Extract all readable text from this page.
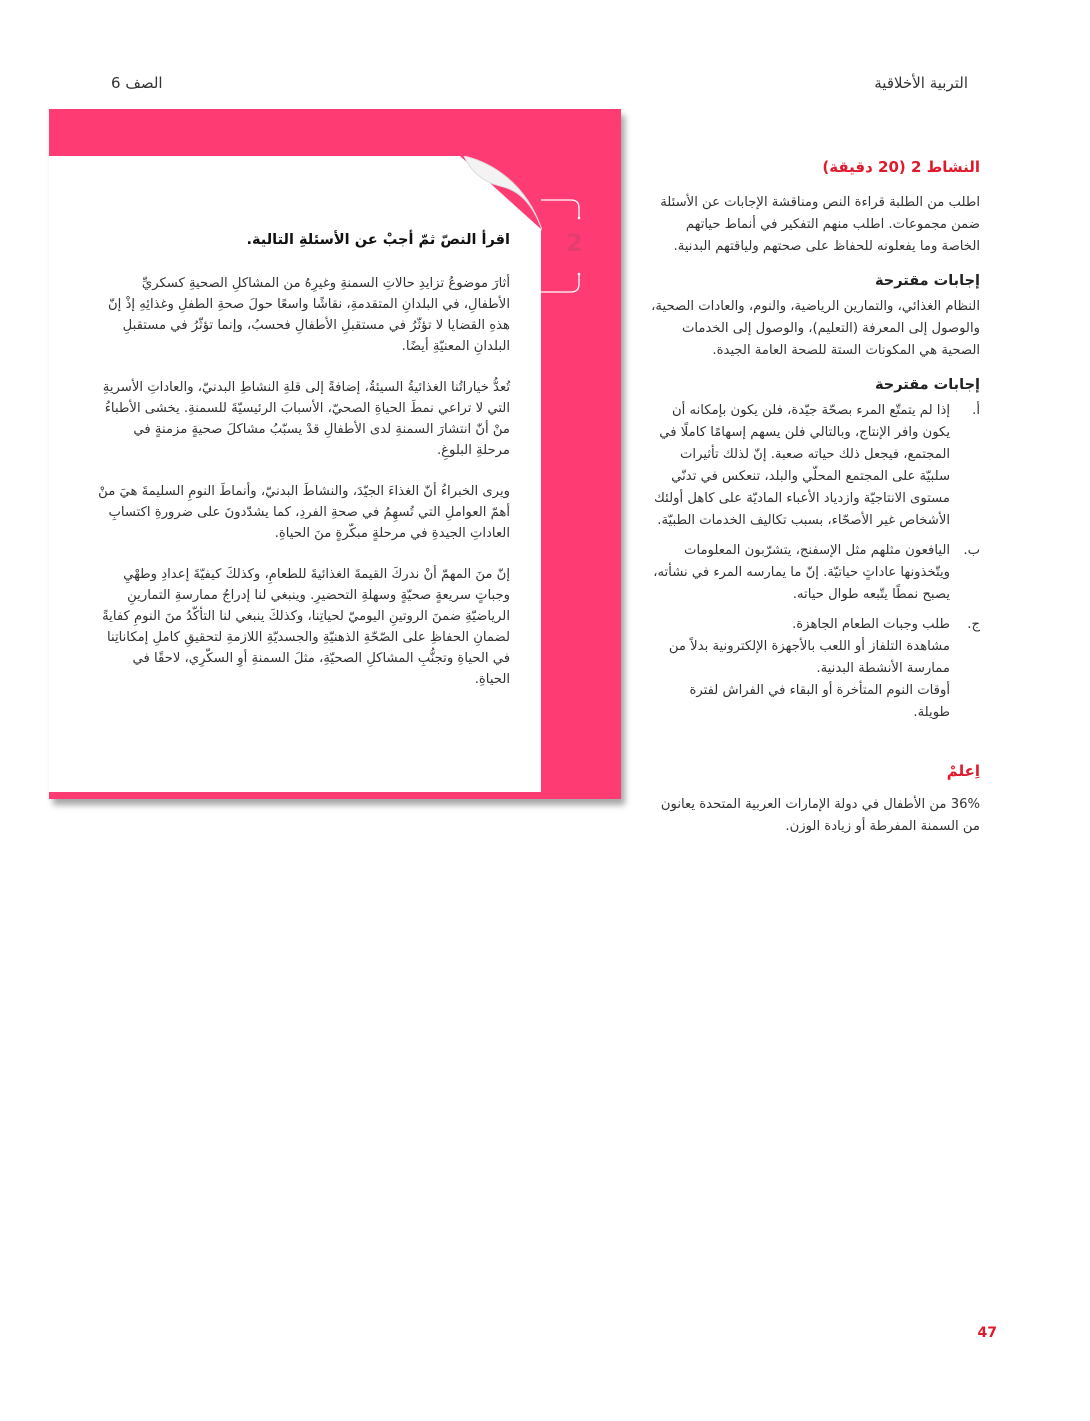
الصف 6	التربية الأخلاقية
2
اقرأ النصّ ثمّ أجبْ عن الأسئلةِ التالية.

أثارَ موضوعُ تزايدِ حالاتِ السمنةِ وغيرِهُ من المشاكلِ الصحيةِ كسكريِّ الأطفالِ، في البلدانِ المتقدمةِ، نقاشًا واسعًا حولَ صحةِ الطفلِ وغذائِهِ إذْ إنّ هذهِ القضايا لا تؤثّرُ في مستقبلِ الأطفالِ فحسبُ، وإنما تؤثّرُ في مستقبلِ البلدانِ المعنيّةِ أيضًا.

تُعدُّ خياراتُنا الغذائيةُ السيئةُ، إضافةً إلى قلةِ النشاطِ البدنيّ، والعاداتِ الأسريةِ التي لا تراعي نمطَ الحياةِ الصحيّ، الأسبابَ الرئيسيّةَ للسمنةِ. يخشى الأطباءُ منْ أنّ انتشارَ السمنةِ لدى الأطفالِ قدْ يسبّبُ مشاكلَ صحيةٍ مزمنةٍ في مرحلةِ البلوغِ.

ويرى الخبراءُ أنّ الغذاءَ الجيّدَ، والنشاطَ البدنيّ، وأنماطَ النومِ السليمةَ هيَ منْ أهمّ العواملِ التي تُسهِمُ في صحةِ الفردِ، كما يشدّدونَ على ضرورةِ اكتسابِ العاداتِ الجيدةِ في مرحلةٍ مبكّرةٍ منَ الحياةِ.

إنّ منَ المهمّ أنْ ندركَ القيمةَ الغذائيةَ للطعامِ، وكذلكَ كيفيّةَ إعدادِ وطهْيِ وجباتٍ سريعةٍ صحيّةٍ وسهلةِ التحضيرِ. وينبغي لنا إدراجُ ممارسةِ التمارينِ الرياضيّةِ ضمنَ الروتينِ اليوميّ لحياتِنا، وكذلكَ ينبغي لنا التأكّدُ منَ النومِ كفايةً لضمانِ الحفاظِ على الصّحّةِ الذهنيّةِ والجسديّةِ اللازمةِ لتحقيقِ كاملِ إمكاناتِنا في الحياةِ وتجنُّبِ المشاكلِ الصحيّةِ، مثلَ السمنةِ أوِ السكّرِي، لاحقًا في الحياةِ.

النشاط 2 (20 دقيقة)
اطلب من الطلبة قراءة النص ومناقشة الإجابات عن الأسئلة ضمن مجموعات. اطلب منهم التفكير في أنماط حياتهم الخاصة وما يفعلونه للحفاظ على صحتهم ولياقتهم البدنية.
إجابات مقترحة
النظام الغذائي، والتمارين الرياضية، والنوم، والعادات الصحية، والوصول إلى المعرفة (التعليم)، والوصول إلى الخدمات الصحية هي المكونات الستة للصحة العامة الجيدة.
إجابات مقترحة
أ.
إذا لم يتمتّع المرء بصحّة جيّدة، فلن يكون بإمكانه أن يكون وافر الإنتاج، وبالتالي فلن يسهم إسهامًا كاملًا في المجتمع، فيجعل ذلك حياته صعبة. إنّ لذلك تأثيرات سلبيّة على المجتمع المحلّي والبلد، تنعكس في تدنّي مستوى الانتاجيّة وازدياد الأعباء الماديّة على كاهل أولئك الأشخاص غير الأصحّاء، بسبب تكاليف الخدمات الطبيّة.
ب.
اليافعون مثلهم مثل الإسفنج، يتشرّبون المعلومات ويتّخذونها عاداتٍ حياتيّة. إنّ ما يمارسه المرء في نشأته، يصبح نمطًا يتّبعه طوال حياته.
ج.
طلب وجبات الطعام الجاهزة.
مشاهدة التلفاز أو اللعب بالأجهزة الإلكترونية بدلاً من ممارسة الأنشطة البدنية.
أوقات النوم المتأخرة أو البقاء في الفراش لفترة طويلة.
اِعلمْ
36% من الأطفال في دولة الإمارات العربية المتحدة يعانون من السمنة المفرطة أو زيادة الوزن.
47
